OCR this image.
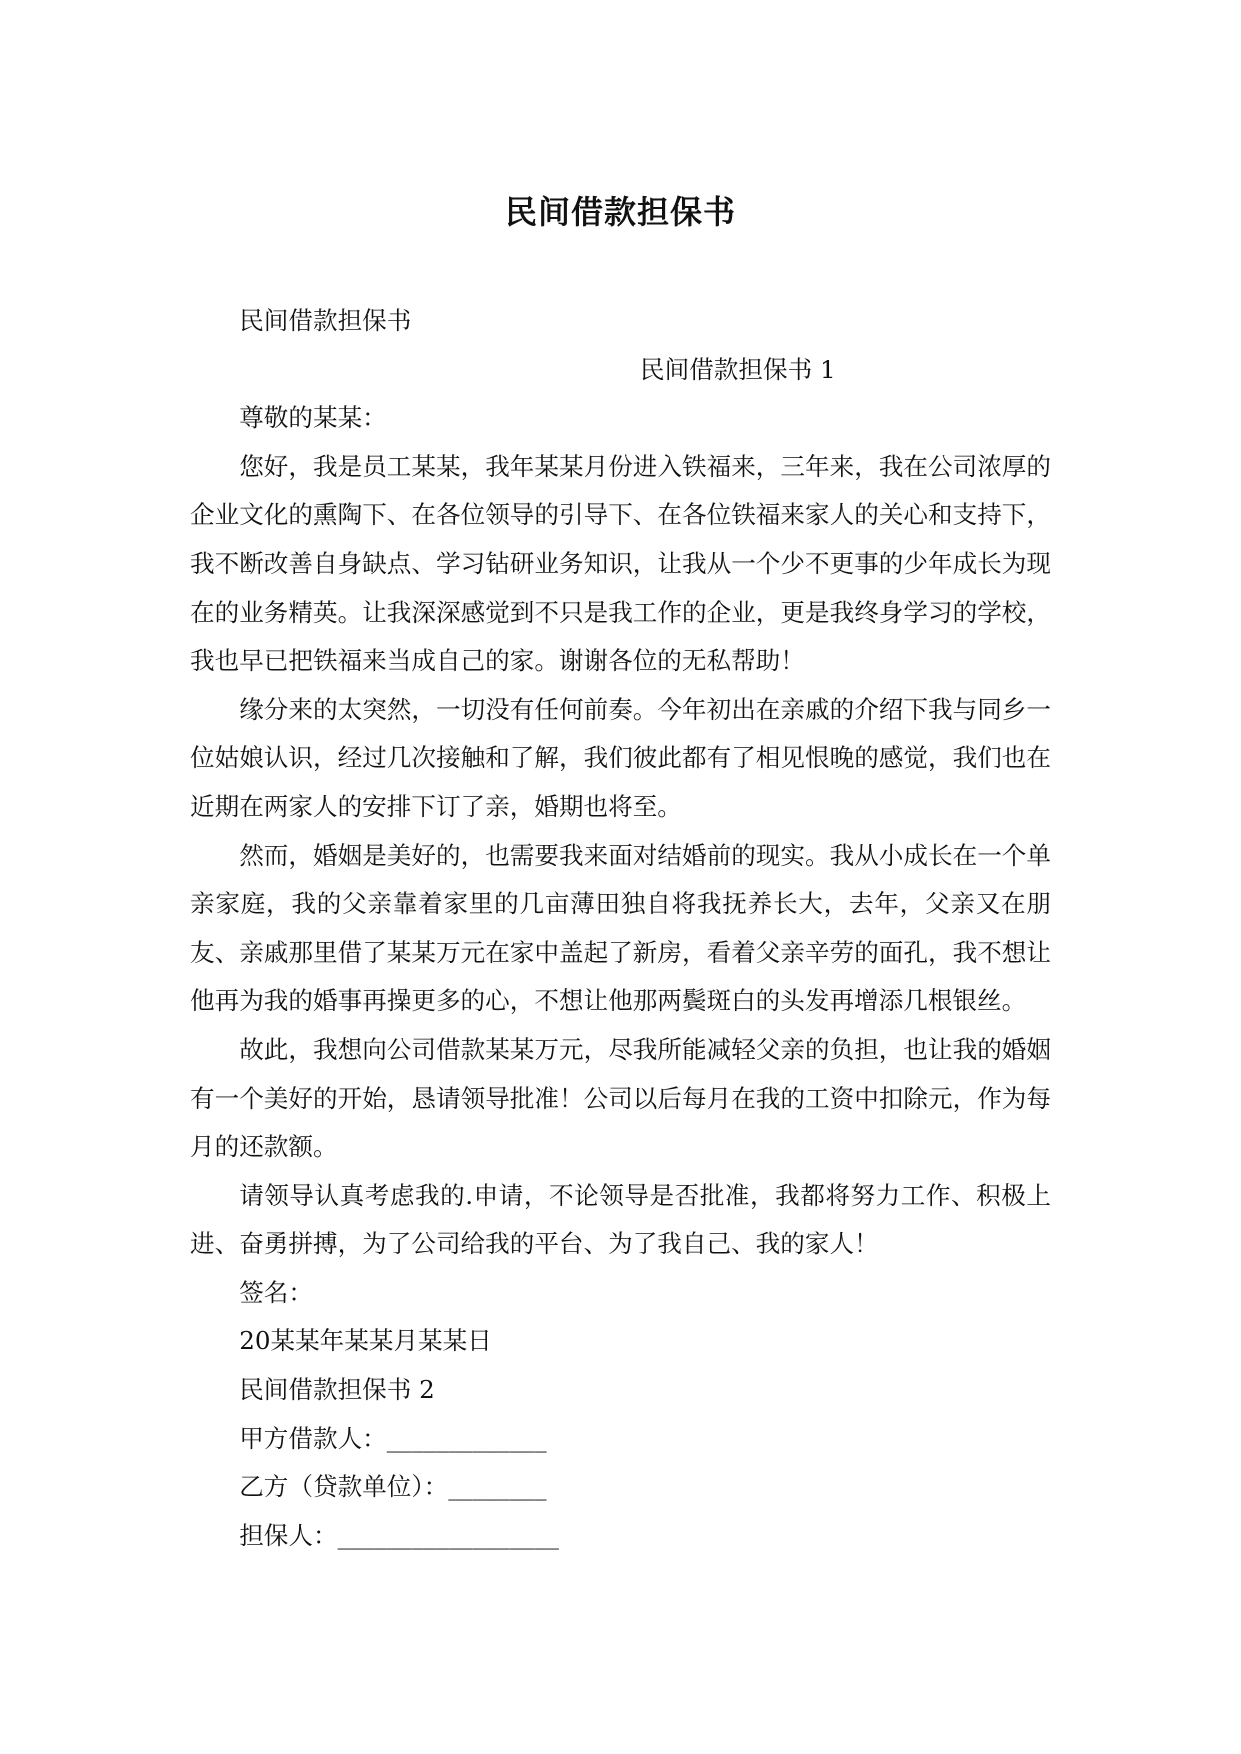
民间借款担保书

民间借款担保书

民间借款担保书 1

尊敬的某某：

您好，我是员工某某，我年某某月份进入铁福来，三年来，我在公司浓厚的企业文化的熏陶下、在各位领导的引导下、在各位铁福来家人的关心和支持下，我不断改善自身缺点、学习钻研业务知识，让我从一个少不更事的少年成长为现在的业务精英。让我深深感觉到不只是我工作的企业，更是我终身学习的学校，我也早已把铁福来当成自己的家。谢谢各位的无私帮助！

缘分来的太突然，一切没有任何前奏。今年初出在亲戚的介绍下我与同乡一位姑娘认识，经过几次接触和了解，我们彼此都有了相见恨晚的感觉，我们也在近期在两家人的安排下订了亲，婚期也将至。

然而，婚姻是美好的，也需要我来面对结婚前的现实。我从小成长在一个单亲家庭，我的父亲靠着家里的几亩薄田独自将我抚养长大，去年，父亲又在朋友、亲戚那里借了某某万元在家中盖起了新房，看着父亲辛劳的面孔，我不想让他再为我的婚事再操更多的心，不想让他那两鬓斑白的头发再增添几根银丝。

故此，我想向公司借款某某万元，尽我所能减轻父亲的负担，也让我的婚姻有一个美好的开始，恳请领导批准！公司以后每月在我的工资中扣除元，作为每月的还款额。

请领导认真考虑我的.申请，不论领导是否批准，我都将努力工作、积极上进、奋勇拼搏，为了公司给我的平台、为了我自己、我的家人！

签名：

20某某年某某月某某日

民间借款担保书 2

甲方借款人：_____________

乙方（贷款单位）：________

担保人：__________________
